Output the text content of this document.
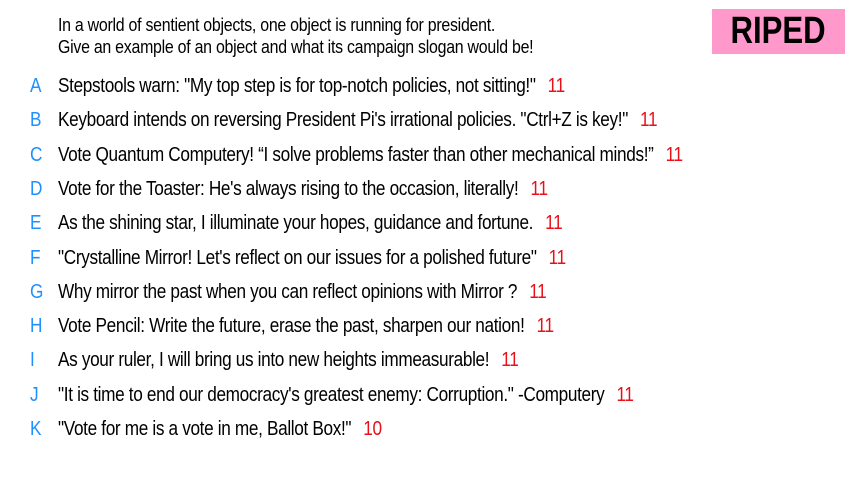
In a world of sentient objects, one object is running for president.
Give an example of an object and what its campaign slogan would be!	RIPED
A Stepstools warn: "My top step is for top-notch policies, not sitting!" 11
B Keyboard intends on reversing President Pi's irrational policies. "Ctrl+Z is key!" 11
C Vote Quantum Computery! “I solve problems faster than other mechanical minds!” 11
D Vote for the Toaster: He's always rising to the occasion, literally! 11
E As the shining star, I illuminate your hopes, guidance and fortune. 11
F "Crystalline Mirror! Let's reflect on our issues for a polished future" 11
G Why mirror the past when you can reflect opinions with Mirror ? 11
H Vote Pencil: Write the future, erase the past, sharpen our nation! 11
I As your ruler, I will bring us into new heights immeasurable! 11
J "It is time to end our democracy's greatest enemy: Corruption." -Computery 11
K "Vote for me is a vote in me, Ballot Box!" 10
